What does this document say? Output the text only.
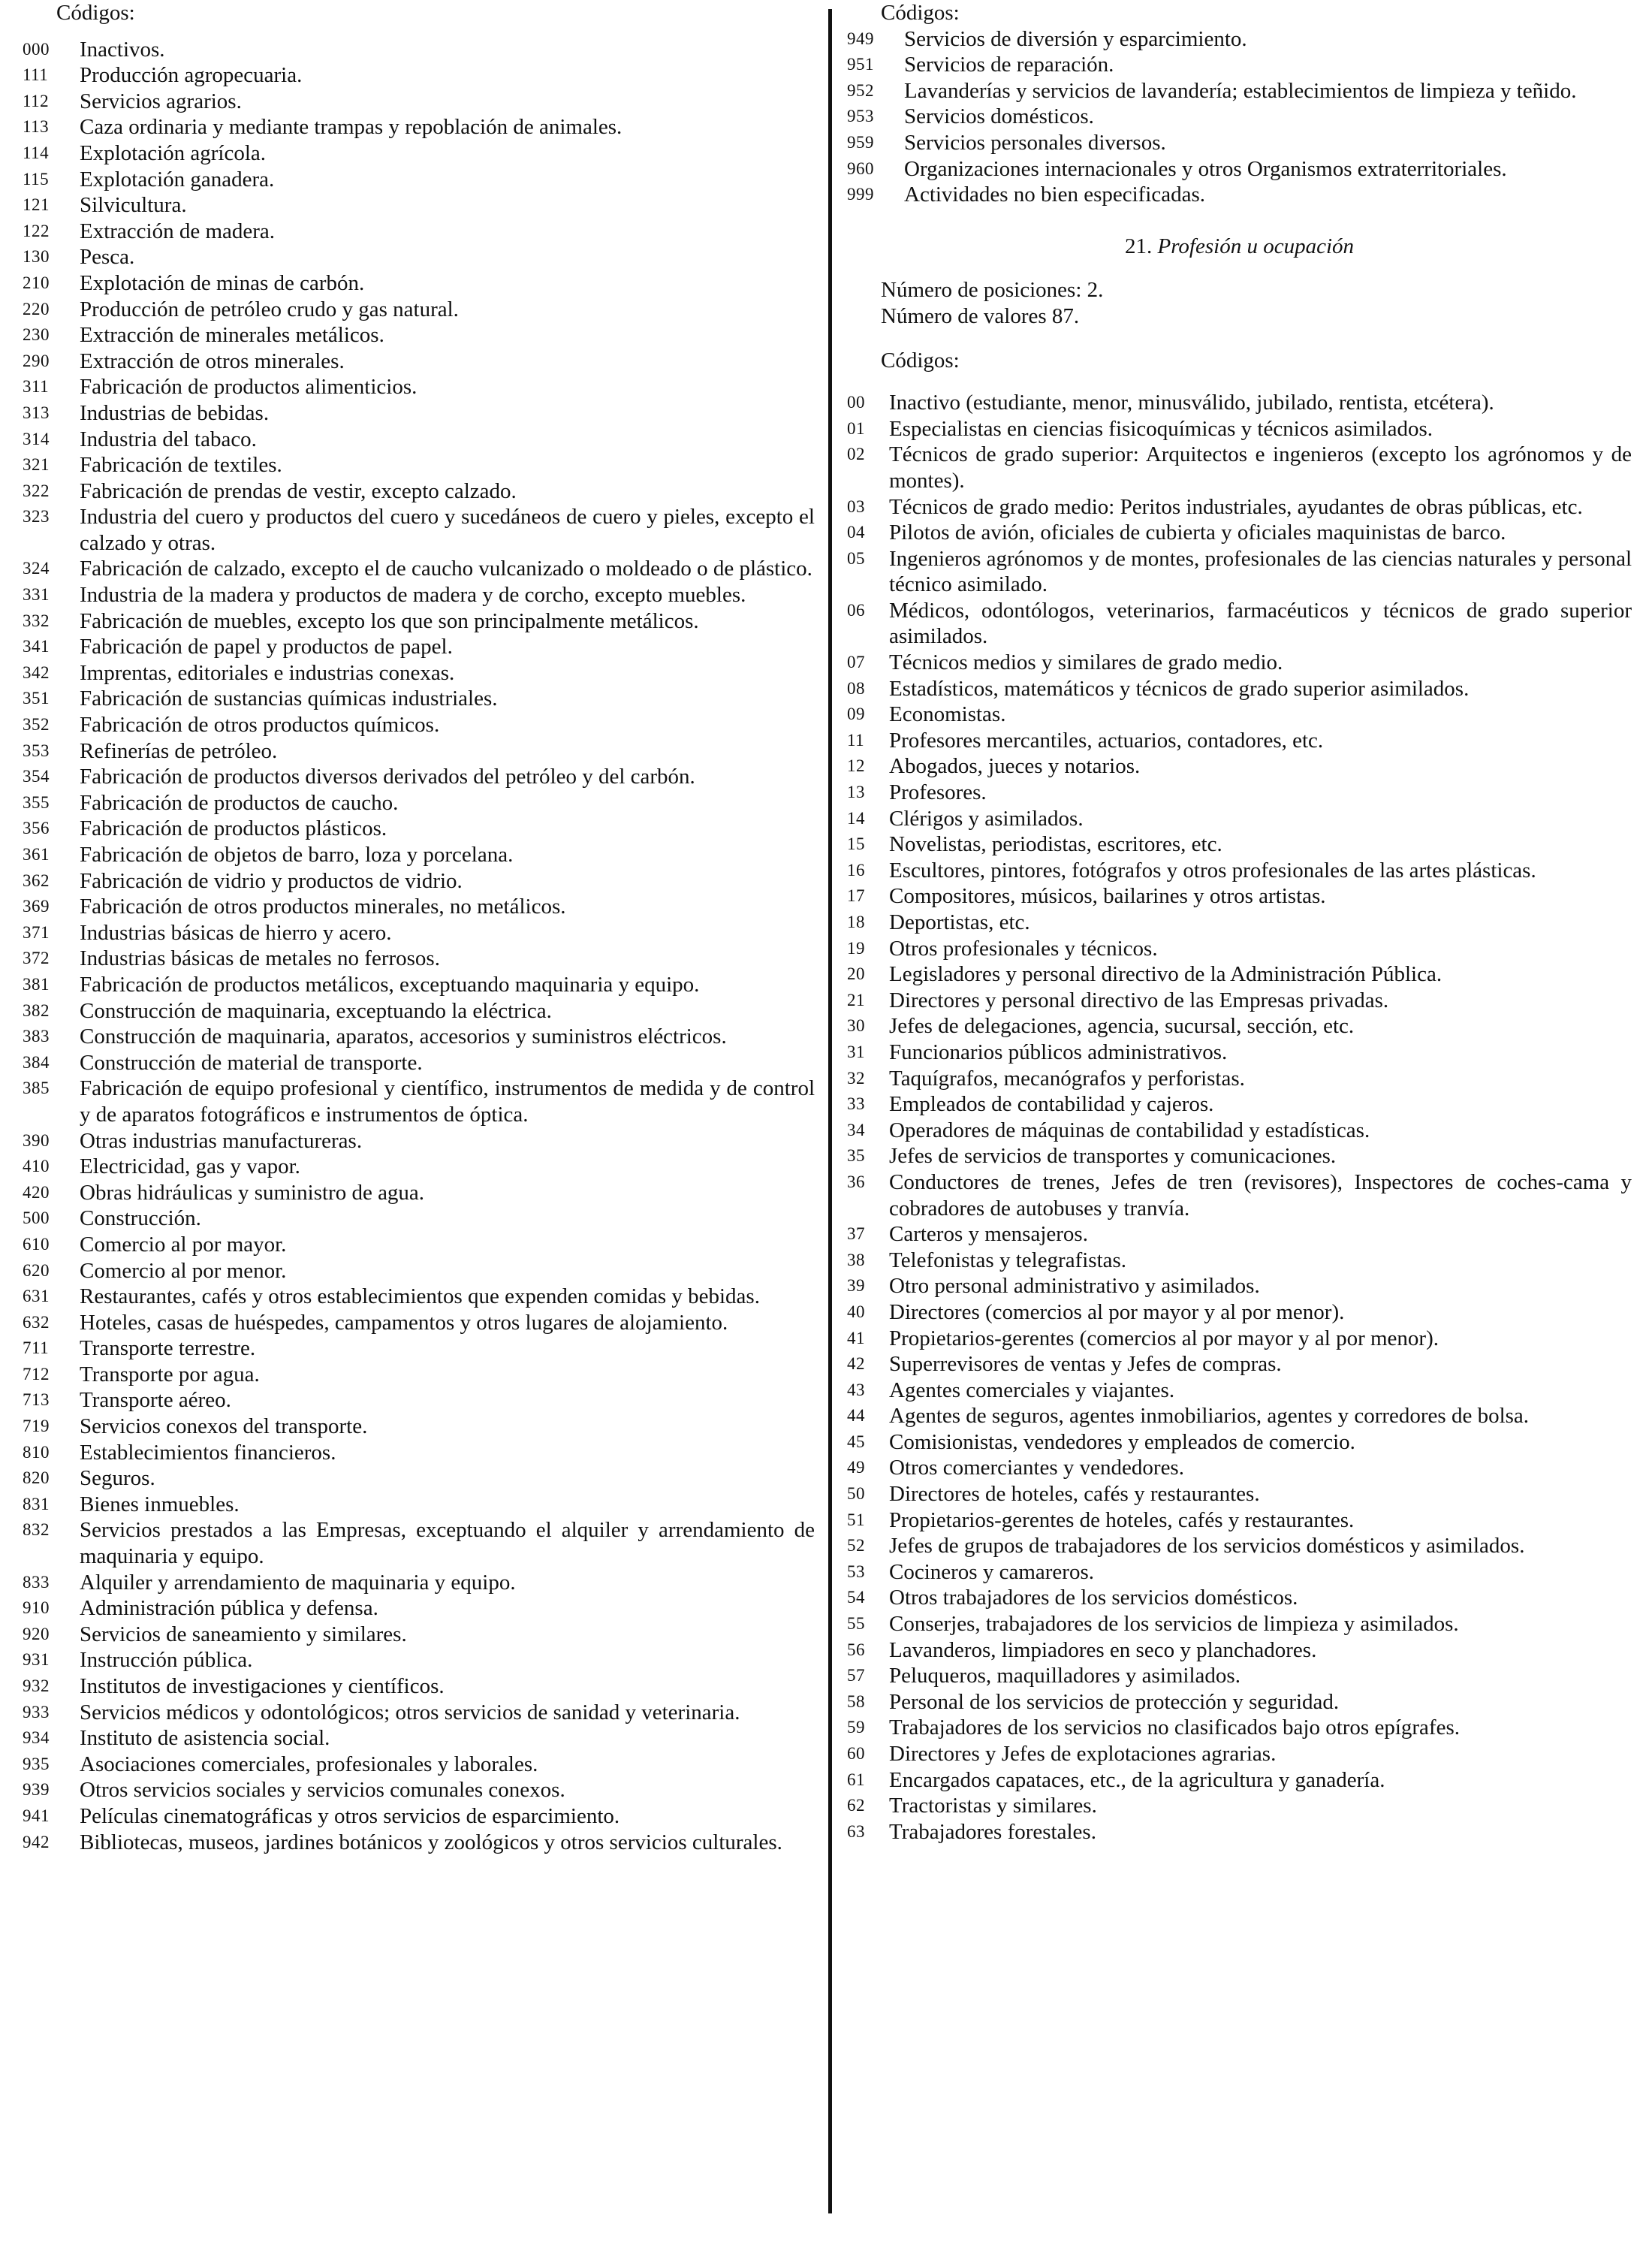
Códigos:
000	Inactivos.
111	Producción agropecuaria.
112	Servicios agrarios.
113	Caza ordinaria y mediante trampas y repoblación de animales.
114	Explotación agrícola.
115	Explotación ganadera.
121	Silvicultura.
122	Extracción de madera.
130	Pesca.
210	Explotación de minas de carbón.
220	Producción de petróleo crudo y gas natural.
230	Extracción de minerales metálicos.
290	Extracción de otros minerales.
311	Fabricación de productos alimenticios.
313	Industrias de bebidas.
314	Industria del tabaco.
321	Fabricación de textiles.
322	Fabricación de prendas de vestir, excepto calzado.
323	Industria del cuero y productos del cuero y sucedáneos de cuero y pieles, excepto el calzado y otras.
324	Fabricación de calzado, excepto el de caucho vulcanizado o moldeado o de plástico.
331	Industria de la madera y productos de madera y de corcho, excepto muebles.
332	Fabricación de muebles, excepto los que son principalmente metálicos.
341	Fabricación de papel y productos de papel.
342	Imprentas, editoriales e industrias conexas.
351	Fabricación de sustancias químicas industriales.
352	Fabricación de otros productos químicos.
353	Refinerías de petróleo.
354	Fabricación de productos diversos derivados del petróleo y del carbón.
355	Fabricación de productos de caucho.
356	Fabricación de productos plásticos.
361	Fabricación de objetos de barro, loza y porcelana.
362	Fabricación de vidrio y productos de vidrio.
369	Fabricación de otros productos minerales, no metálicos.
371	Industrias básicas de hierro y acero.
372	Industrias básicas de metales no ferrosos.
381	Fabricación de productos metálicos, exceptuando maquinaria y equipo.
382	Construcción de maquinaria, exceptuando la eléctrica.
383	Construcción de maquinaria, aparatos, accesorios y suministros eléctricos.
384	Construcción de material de transporte.
385	Fabricación de equipo profesional y científico, instrumentos de medida y de control y de aparatos fotográficos e instrumentos de óptica.
390	Otras industrias manufactureras.
410	Electricidad, gas y vapor.
420	Obras hidráulicas y suministro de agua.
500	Construcción.
610	Comercio al por mayor.
620	Comercio al por menor.
631	Restaurantes, cafés y otros establecimientos que expenden comidas y bebidas.
632	Hoteles, casas de huéspedes, campamentos y otros lugares de alojamiento.
711	Transporte terrestre.
712	Transporte por agua.
713	Transporte aéreo.
719	Servicios conexos del transporte.
810	Establecimientos financieros.
820	Seguros.
831	Bienes inmuebles.
832	Servicios prestados a las Empresas, exceptuando el alquiler y arrendamiento de maquinaria y equipo.
833	Alquiler y arrendamiento de maquinaria y equipo.
910	Administración pública y defensa.
920	Servicios de saneamiento y similares.
931	Instrucción pública.
932	Institutos de investigaciones y científicos.
933	Servicios médicos y odontológicos; otros servicios de sanidad y veterinaria.
934	Instituto de asistencia social.
935	Asociaciones comerciales, profesionales y laborales.
939	Otros servicios sociales y servicios comunales conexos.
941	Películas cinematográficas y otros servicios de esparcimiento.
942	Bibliotecas, museos, jardines botánicos y zoológicos y otros servicios culturales.
Códigos:
949	Servicios de diversión y esparcimiento.
951	Servicios de reparación.
952	Lavanderías y servicios de lavandería; establecimientos de limpieza y teñido.
953	Servicios domésticos.
959	Servicios personales diversos.
960	Organizaciones internacionales y otros Organismos extraterritoriales.
999	Actividades no bien especificadas.
21. Profesión u ocupación
Número de posiciones: 2.
Número de valores 87.
Códigos:
00	Inactivo (estudiante, menor, minusválido, jubilado, rentista, etcétera).
01	Especialistas en ciencias fisicoquímicas y técnicos asimilados.
02	Técnicos de grado superior: Arquitectos e ingenieros (excepto los agrónomos y de montes).
03	Técnicos de grado medio: Peritos industriales, ayudantes de obras públicas, etc.
04	Pilotos de avión, oficiales de cubierta y oficiales maquinistas de barco.
05	Ingenieros agrónomos y de montes, profesionales de las ciencias naturales y personal técnico asimilado.
06	Médicos, odontólogos, veterinarios, farmacéuticos y técnicos de grado superior asimilados.
07	Técnicos medios y similares de grado medio.
08	Estadísticos, matemáticos y técnicos de grado superior asimilados.
09	Economistas.
11	Profesores mercantiles, actuarios, contadores, etc.
12	Abogados, jueces y notarios.
13	Profesores.
14	Clérigos y asimilados.
15	Novelistas, periodistas, escritores, etc.
16	Escultores, pintores, fotógrafos y otros profesionales de las artes plásticas.
17	Compositores, músicos, bailarines y otros artistas.
18	Deportistas, etc.
19	Otros profesionales y técnicos.
20	Legisladores y personal directivo de la Administración Pública.
21	Directores y personal directivo de las Empresas privadas.
30	Jefes de delegaciones, agencia, sucursal, sección, etc.
31	Funcionarios públicos administrativos.
32	Taquígrafos, mecanógrafos y perforistas.
33	Empleados de contabilidad y cajeros.
34	Operadores de máquinas de contabilidad y estadísticas.
35	Jefes de servicios de transportes y comunicaciones.
36	Conductores de trenes, Jefes de tren (revisores), Inspectores de coches-cama y cobradores de autobuses y tranvía.
37	Carteros y mensajeros.
38	Telefonistas y telegrafistas.
39	Otro personal administrativo y asimilados.
40	Directores (comercios al por mayor y al por menor).
41	Propietarios-gerentes (comercios al por mayor y al por menor).
42	Superrevisores de ventas y Jefes de compras.
43	Agentes comerciales y viajantes.
44	Agentes de seguros, agentes inmobiliarios, agentes y corredores de bolsa.
45	Comisionistas, vendedores y empleados de comercio.
49	Otros comerciantes y vendedores.
50	Directores de hoteles, cafés y restaurantes.
51	Propietarios-gerentes de hoteles, cafés y restaurantes.
52	Jefes de grupos de trabajadores de los servicios domésticos y asimilados.
53	Cocineros y camareros.
54	Otros trabajadores de los servicios domésticos.
55	Conserjes, trabajadores de los servicios de limpieza y asimilados.
56	Lavanderos, limpiadores en seco y planchadores.
57	Peluqueros, maquilladores y asimilados.
58	Personal de los servicios de protección y seguridad.
59	Trabajadores de los servicios no clasificados bajo otros epígrafes.
60	Directores y Jefes de explotaciones agrarias.
61	Encargados capataces, etc., de la agricultura y ganadería.
62	Tractoristas y similares.
63	Trabajadores forestales.
